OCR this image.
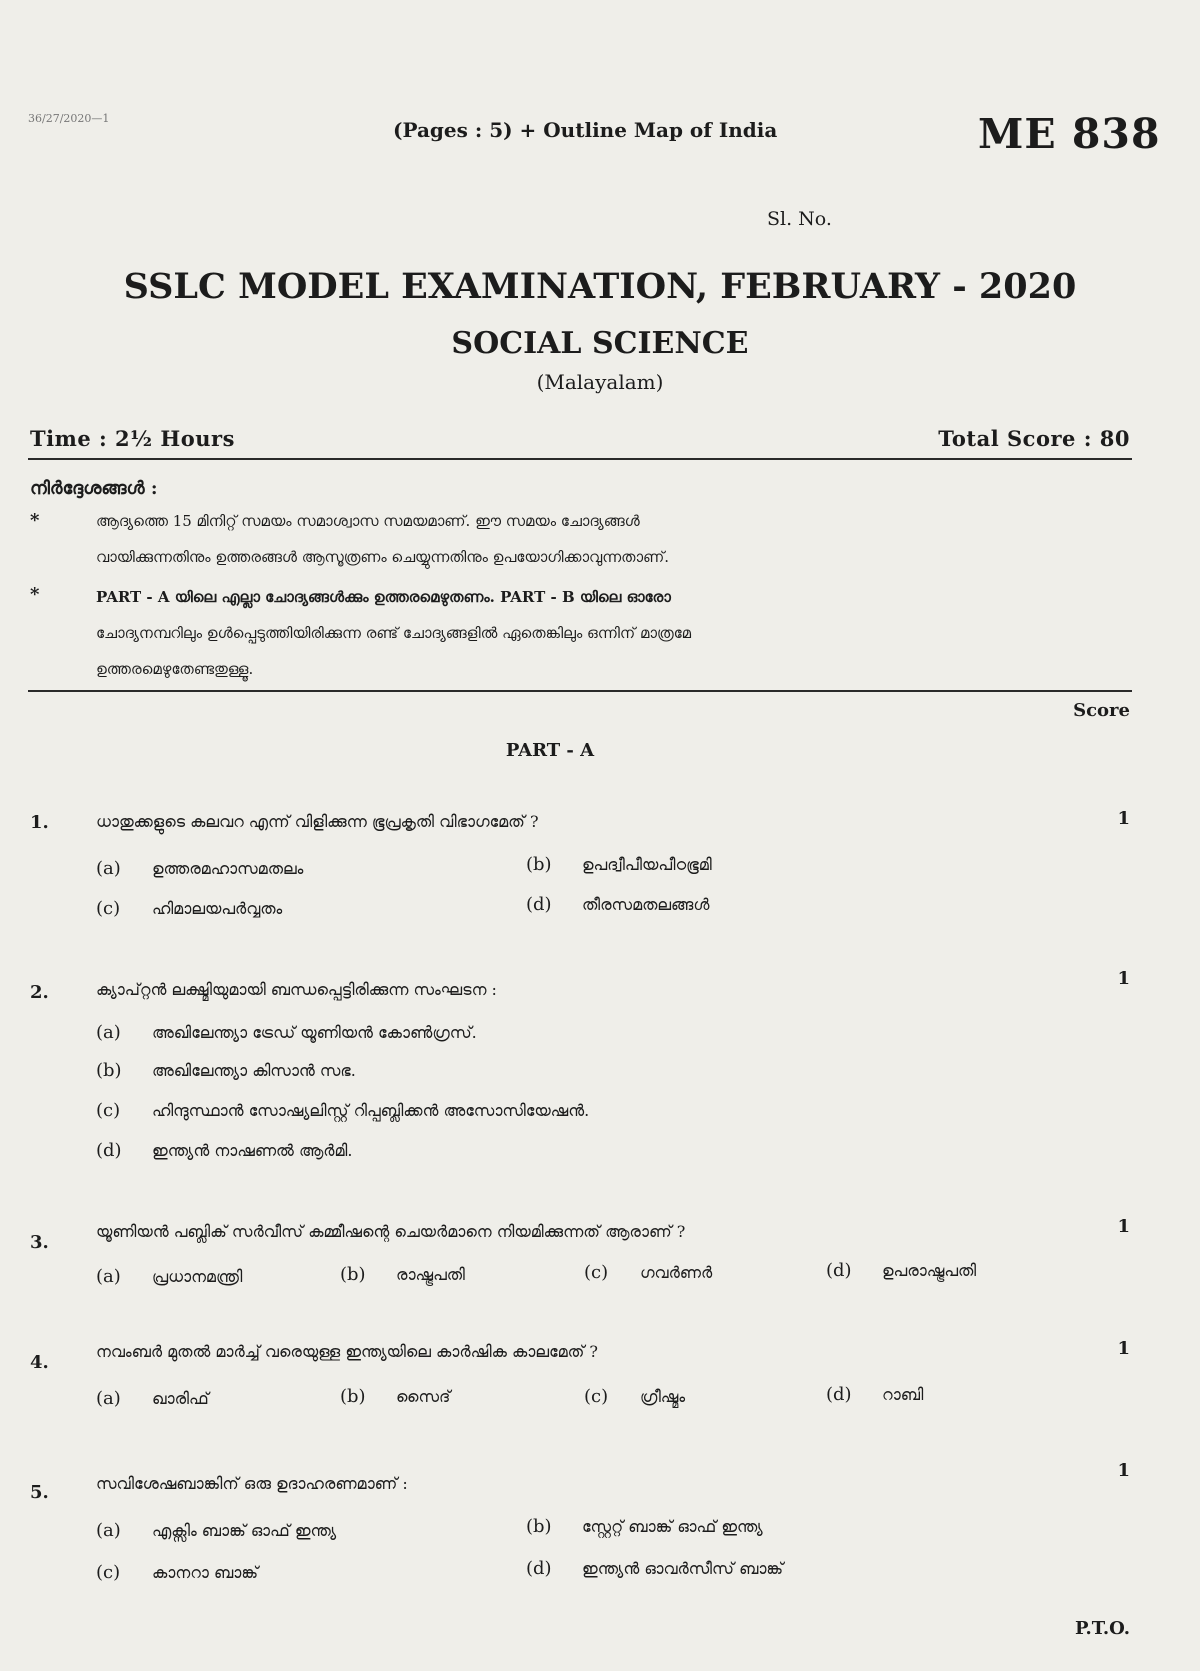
36/27/2020—1	(Pages : 5) + Outline Map of India	ME 838
Sl. No.
SSLC MODEL EXAMINATION, FEBRUARY - 2020
SOCIAL SCIENCE
(Malayalam)
Time : 2½ Hours	Total Score : 80
നിർദ്ദേശങ്ങൾ :
*	ആദ്യത്തെ 15 മിനിറ്റ് സമയം സമാശ്വാസ സമയമാണ്. ഈ സമയം ചോദ്യങ്ങൾ
വായിക്കുന്നതിനും ഉത്തരങ്ങൾ ആസൂത്രണം ചെയ്യുന്നതിനും ഉപയോഗിക്കാവുന്നതാണ്.
*	PART - A യിലെ എല്ലാ ചോദ്യങ്ങൾക്കും ഉത്തരമെഴുതണം. PART - B യിലെ ഓരോ
ചോദ്യനമ്പറിലും ഉൾപ്പെടുത്തിയിരിക്കുന്ന രണ്ട് ചോദ്യങ്ങളിൽ ഏതെങ്കിലും ഒന്നിന് മാത്രമേ
ഉത്തരമെഴുതേണ്ടതുള്ളൂ.
Score
PART - A
1.	ധാതുക്കളുടെ കലവറ എന്ന് വിളിക്കുന്ന ഭൂപ്രകൃതി വിഭാഗമേത് ?	1
(a) ഉത്തരമഹാസമതലം	(b) ഉപദ്വീപീയപീഠഭൂമി
(c) ഹിമാലയപർവ്വതം	(d) തീരസമതലങ്ങൾ
2.	ക്യാപ്റ്റൻ ലക്ഷ്മിയുമായി ബന്ധപ്പെട്ടിരിക്കുന്ന സംഘടന :
1
(a) അഖിലേന്ത്യാ ട്രേഡ് യൂണിയൻ കോൺഗ്രസ്.
(b) അഖിലേന്ത്യാ കിസാൻ സഭ.
(c) ഹിന്ദുസ്ഥാൻ സോഷ്യലിസ്റ്റ് റിപ്പബ്ലിക്കൻ അസോസിയേഷൻ.
(d) ഇന്ത്യൻ നാഷണൽ ആർമി.
3.
യൂണിയൻ പബ്ലിക് സർവീസ് കമ്മീഷന്റെ ചെയർമാനെ നിയമിക്കുന്നത് ആരാണ് ?	1
(a) പ്രധാനമന്ത്രി	(b) രാഷ്ട്രപതി	(c) ഗവർണർ	(d) ഉപരാഷ്ട്രപതി
4.
നവംബർ മുതൽ മാർച്ച് വരെയുള്ള ഇന്ത്യയിലെ കാർഷിക കാലമേത് ?	1
(a) ഖാരിഫ്	(b) സൈദ്	(c) ഗ്രീഷ്മം	(d) റാബി
5.	സവിശേഷബാങ്കിന് ഒരു ഉദാഹരണമാണ് :
1
(a) എക്സിം ബാങ്ക് ഓഫ് ഇന്ത്യ	(b) സ്റ്റേറ്റ് ബാങ്ക് ഓഫ് ഇന്ത്യ
(c) കാനറാ ബാങ്ക്	(d) ഇന്ത്യൻ ഓവർസീസ് ബാങ്ക്
P.T.O.
